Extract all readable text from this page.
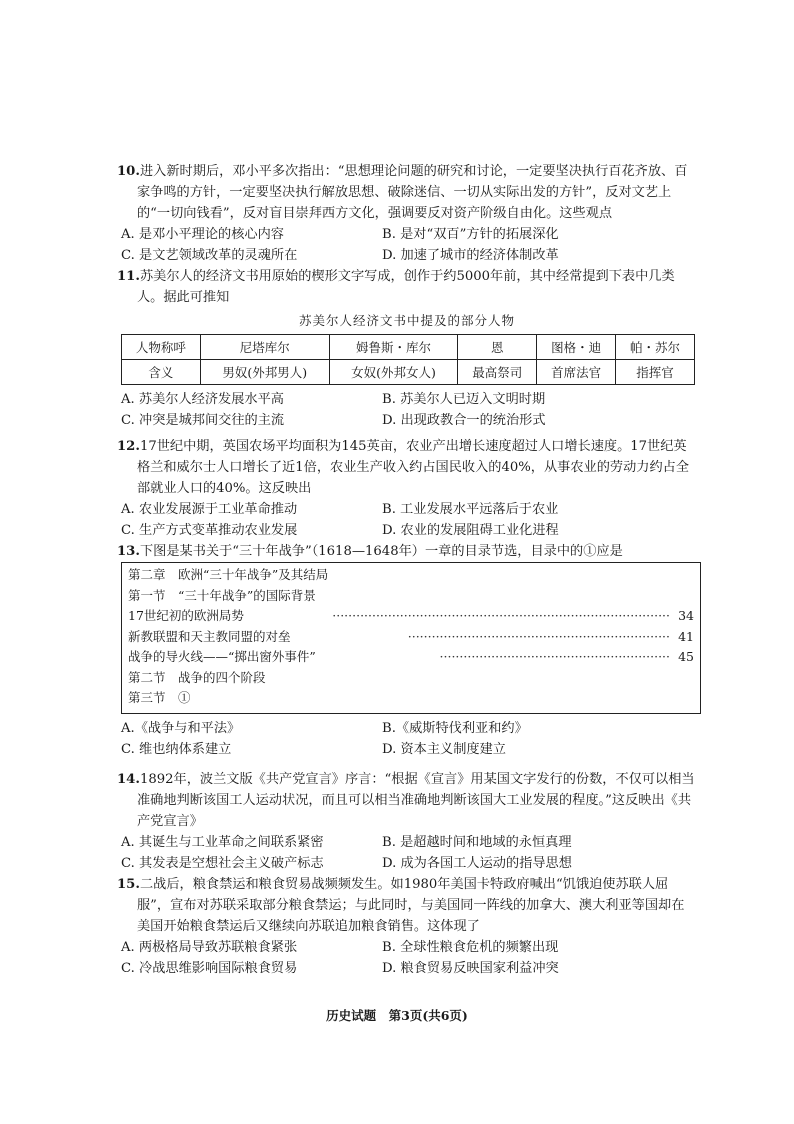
10.进入新时期后，邓小平多次指出：“思想理论问题的研究和讨论，一定要坚决执行百花齐放、百家争鸣的方针，一定要坚决执行解放思想、破除迷信、一切从实际出发的方针”，反对文艺上的“一切向钱看”，反对盲目崇拜西方文化，强调要反对资产阶级自由化。这些观点

A. 是邓小平理论的核心内容	B. 是对“双百”方针的拓展深化
C. 是文艺领域改革的灵魂所在	D. 加速了城市的经济体制改革

11.苏美尔人的经济文书用原始的楔形文字写成，创作于约5000年前，其中经常提到下表中几类人。据此可推知

苏美尔人经济文书中提及的部分人物
人物称呼	尼塔库尔	姆鲁斯・库尔	恩	图格・迪	帕・苏尔
含义	男奴(外邦男人)	女奴(外邦女人)	最高祭司	首席法官	指挥官
A. 苏美尔人经济发展水平高	B. 苏美尔人已迈入文明时期
C. 冲突是城邦间交往的主流	D. 出现政教合一的统治形式

12.17世纪中期，英国农场平均面积为145英亩，农业产出增长速度超过人口增长速度。17世纪英格兰和威尔士人口增长了近1倍，农业生产收入约占国民收入的40%，从事农业的劳动力约占全部就业人口的40%。这反映出

A. 农业发展源于工业革命推动	B. 工业发展水平远落后于农业
C. 生产方式变革推动农业发展	D. 农业的发展阻碍工业化进程

13.下图是某书关于“三十年战争”（1618—1648年）一章的目录节选，目录中的①应是

第二章　欧洲“三十年战争”及其结局
第一节　“三十年战争”的国际背景
17世纪初的欧洲局势	····················································································· 34
新教联盟和天主教同盟的对垒	·································································· 41
战争的导火线——“掷出窗外事件”	·························································· 45
第二节　战争的四个阶段
第三节　①
A.《战争与和平法》	B.《威斯特伐利亚和约》
C. 维也纳体系建立	D. 资本主义制度建立

14.1892年，波兰文版《共产党宣言》序言：“根据《宣言》用某国文字发行的份数，不仅可以相当准确地判断该国工人运动状况，而且可以相当准确地判断该国大工业发展的程度。”这反映出《共产党宣言》

A. 其诞生与工业革命之间联系紧密	B. 是超越时间和地域的永恒真理
C. 其发表是空想社会主义破产标志	D. 成为各国工人运动的指导思想

15.二战后，粮食禁运和粮食贸易战频频发生。如1980年美国卡特政府喊出“饥饿迫使苏联人屈服”，宣布对苏联采取部分粮食禁运；与此同时，与美国同一阵线的加拿大、澳大利亚等国却在美国开始粮食禁运后又继续向苏联追加粮食销售。这体现了

A. 两极格局导致苏联粮食紧张	B. 全球性粮食危机的频繁出现
C. 冷战思维影响国际粮食贸易	D. 粮食贸易反映国家利益冲突
历史试题　第3页(共6页)
